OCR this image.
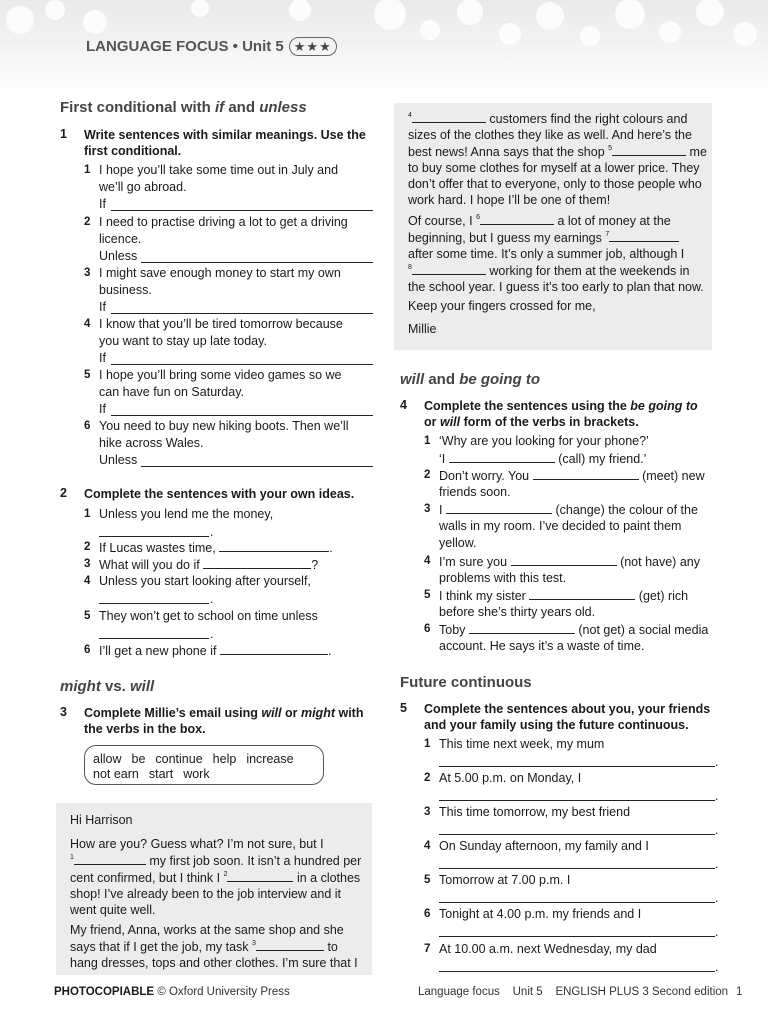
LANGUAGE FOCUS • Unit 5 ★★★
First conditional with if and unless
1	Write sentences with similar meanings. Use the first conditional.
1 I hope you’ll take some time out in July and
we’ll go abroad.
If
2 I need to practise driving a lot to get a driving
licence.
Unless
3 I might save enough money to start my own
business.
If
4 I know that you’ll be tired tomorrow because
you want to stay up late today.
If
5 I hope you’ll bring some video games so we
can have fun on Saturday.
If
6 You need to buy new hiking boots. Then we’ll
hike across Wales.
Unless
2	Complete the sentences with your own ideas.
1 Unless you lend me the money,
.
2 If Lucas wastes time,	.
3 What will you do if	?
4 Unless you start looking after yourself,
.
5 They won’t get to school on time unless
.
6 I’ll get a new phone if	.
might vs. will
3	Complete Millie’s email using will or might with
the verbs in the box.
allow be continue help increase
not earn start work

Hi Harrison

How are you? Guess what? I’m not sure, but I
$^1$	my first job soon. It isn’t a hundred per
cent confirmed, but I think I $^2$	in a clothes
shop! I’ve already been to the job interview and it
went quite well.

My friend, Anna, works at the same shop and she
says that if I get the job, my task $^3$	to
hang dresses, tops and other clothes. I’m sure that I

$^4$	customers find the right colours and
sizes of the clothes they like as well. And here’s the
best news! Anna says that the shop $^5$	me
to buy some clothes for myself at a lower price. They
don’t offer that to everyone, only to those people who
work hard. I hope I’ll be one of them!

Of course, I $^6$	a lot of money at the
beginning, but I guess my earnings $^7$
after some time. It’s only a summer job, although I
$^8$	working for them at the weekends in
the school year. I guess it’s too early to plan that now.

Keep your fingers crossed for me,

Millie

will and be going to
4	Complete the sentences using the be going to
or will form of the verbs in brackets.
1 ‘Why are you looking for your phone?’
‘I	(call) my friend.’
2 Don’t worry. You	(meet) new
friends soon.
3 I	(change) the colour of the
walls in my room. I’ve decided to paint them
yellow.
4 I’m sure you	(not have) any
problems with this test.
5 I think my sister	(get) rich
before she’s thirty years old.
6 Toby	(not get) a social media
account. He says it’s a waste of time.
Future continuous
5	Complete the sentences about you, your friends
and your family using the future continuous.
1 This time next week, my mum
.
2 At 5.00 p.m. on Monday, I
.
3 This time tomorrow, my best friend
.
4 On Sunday afternoon, my family and I
.
5 Tomorrow at 7.00 p.m. I
.
6 Tonight at 4.00 p.m. my friends and I
.
7 At 10.00 a.m. next Wednesday, my dad
.
PHOTOCOPIABLE © Oxford University Press	Language focus    Unit 5    ENGLISH PLUS 3 Second edition 1
